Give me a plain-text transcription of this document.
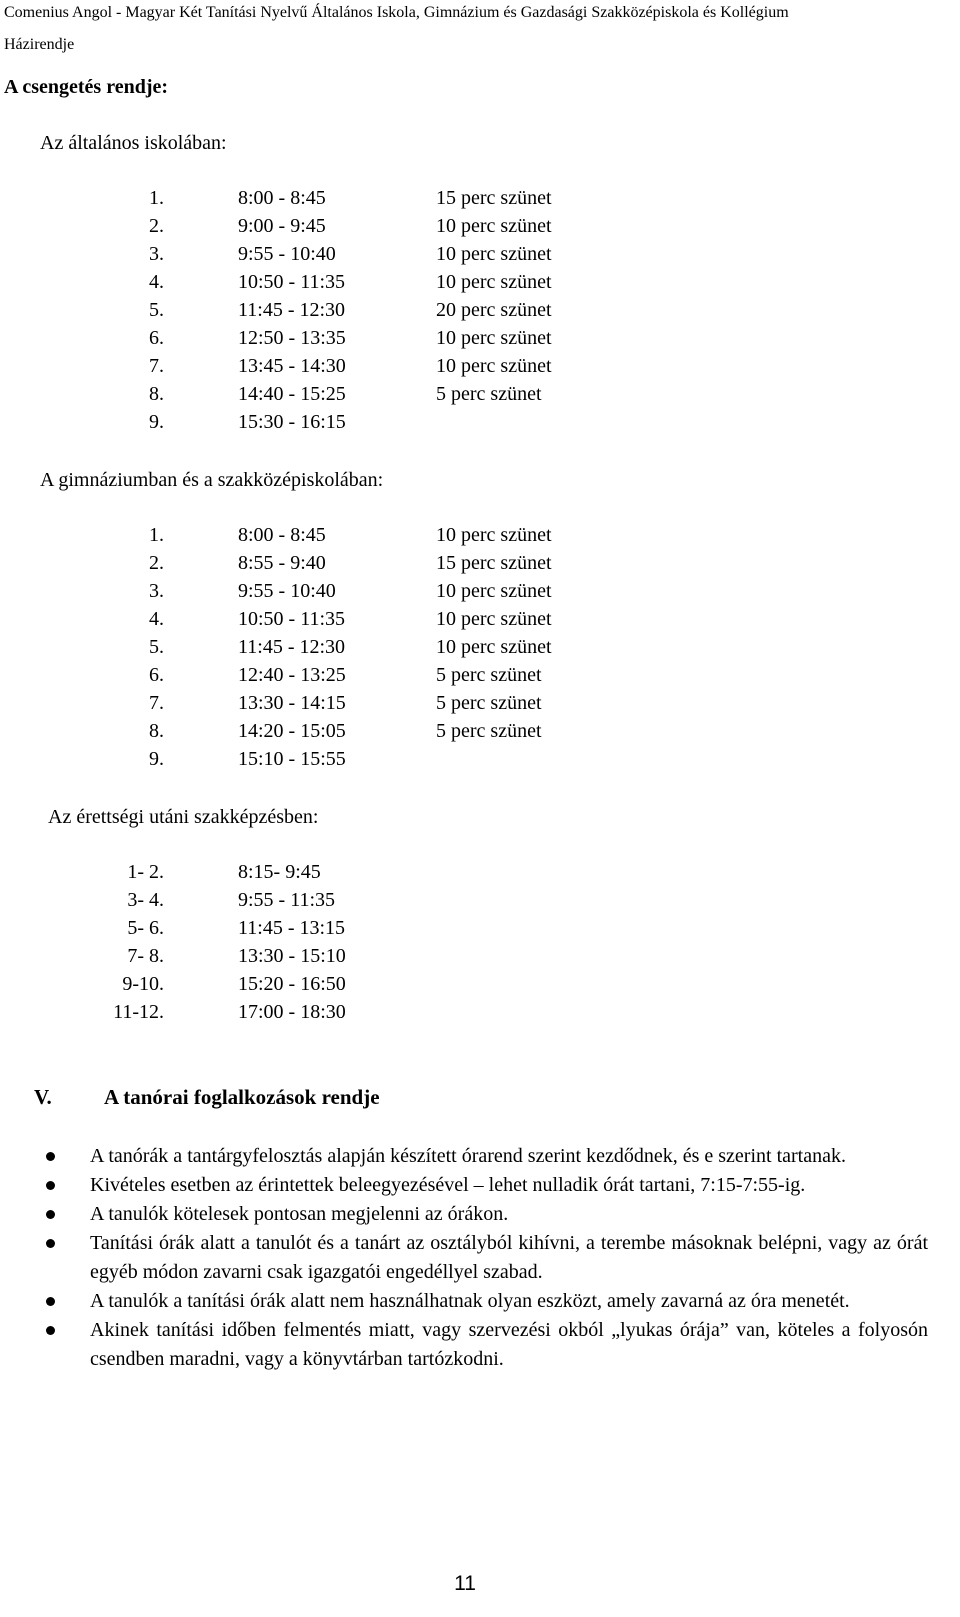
Comenius Angol - Magyar Két Tanítási Nyelvű Általános Iskola, Gimnázium és Gazdasági Szakközépiskola és Kollégium
Házirendje
A csengetés rendje:
Az általános iskolában:
1.	8:00 - 8:45	15 perc szünet
2.	9:00 - 9:45	10 perc szünet
3.	9:55 - 10:40	10 perc szünet
4.	10:50 - 11:35	10 perc szünet
5.	11:45 - 12:30	20 perc szünet
6.	12:50 - 13:35	10 perc szünet
7.	13:45 - 14:30	10 perc szünet
8.	14:40 - 15:25	5 perc szünet
9.	15:30 - 16:15
A gimnáziumban és a szakközépiskolában:
1.	8:00 - 8:45	10 perc szünet
2.	8:55 - 9:40	15 perc szünet
3.	9:55 - 10:40	10 perc szünet
4.	10:50 - 11:35	10 perc szünet
5.	11:45 - 12:30	10 perc szünet
6.	12:40 - 13:25	5 perc szünet
7.	13:30 - 14:15	5 perc szünet
8.	14:20 - 15:05	5 perc szünet
9.	15:10 - 15:55
Az érettségi utáni szakképzésben:
1- 2.	8:15- 9:45
3- 4.	9:55 - 11:35
5- 6.	11:45 - 13:15
7- 8.	13:30 - 15:10
9-10.	15:20 - 16:50
11-12.	17:00 - 18:30
V. A tanórai foglalkozások rendje
A tanórák a tantárgyfelosztás alapján készített órarend szerint kezdődnek, és e szerint tartanak.
Kivételes esetben az érintettek beleegyezésével – lehet nulladik órát tartani, 7:15-7:55-ig.
A tanulók kötelesek pontosan megjelenni az órákon.
Tanítási órák alatt a tanulót és a tanárt az osztályból kihívni, a terembe másoknak belépni, vagy az órát egyéb módon zavarni csak igazgatói engedéllyel szabad.
A tanulók a tanítási órák alatt nem használhatnak olyan eszközt, amely zavarná az óra menetét.
Akinek tanítási időben felmentés miatt, vagy szervezési okból „lyukas órája” van, köteles a folyosón csendben maradni, vagy a könyvtárban tartózkodni.
11
